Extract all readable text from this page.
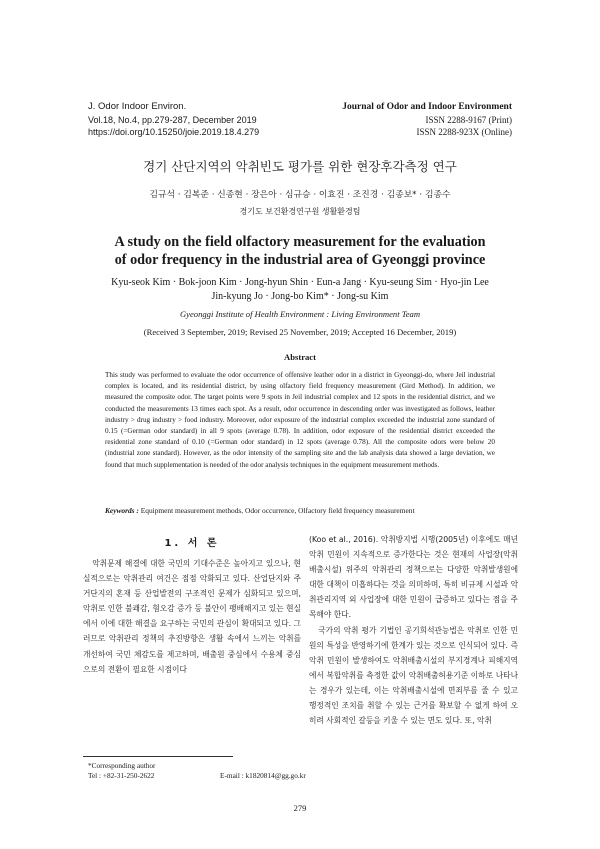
J. Odor Indoor Environ.
Vol.18, No.4, pp.279-287, December 2019
https://doi.org/10.15250/joie.2019.18.4.279
Journal of Odor and Indoor Environment
ISSN 2288-9167 (Print)
ISSN 2288-923X (Online)
경기 산단지역의 악취빈도 평가를 위한 현장후각측정 연구
김규석 · 김복준 · 신종현 · 장은아 · 심규승 · 이효진 · 조진경 · 김종보* · 김종수
경기도 보건환경연구원 생활환경팀
A study on the field olfactory measurement for the evaluation
of odor frequency in the industrial area of Gyeonggi province
Kyu-seok Kim · Bok-joon Kim · Jong-hyun Shin · Eun-a Jang · Kyu-seung Sim · Hyo-jin Lee
Jin-kyung Jo · Jong-bo Kim* · Jong-su Kim
Gyeonggi Institute of Health Environment : Living Environment Team
(Received 3 September, 2019; Revised 25 November, 2019; Accepted 16 December, 2019)
Abstract
This study was performed to evaluate the odor occurrence of offensive leather odor in a district in Gyeonggi-do, where Jeil industrial complex is located, and its residential district, by using olfactory field frequency measurement (Gird Method). In addition, we measured the composite odor. The target points were 9 spots in Jeil industrial complex and 12 spots in the residential district, and we conducted the measurements 13 times each spot. As a result, odor occurrence in descending order was investigated as follows, leather industry > drug industry > food industry. Moreover, odor exposure of the industrial complex exceeded the industrial zone standard of 0.15 (=German odor standard) in all 9 spots (average 0.78). In addition, odor exposure of the residential district exceeded the residential zone standard of 0.10 (=German odor standard) in 12 spots (average 0.78). All the composite odors were below 20 (industrial zone standard). However, as the odor intensity of the sampling site and the lab analysis data showed a large deviation, we found that much supplementation is needed of the odor analysis techniques in the equipment measurement methods.
Keywords : Equipment measurement methods, Odor occurrence, Olfactory field frequency measurement
1. 서 론

악취문제 해결에 대한 국민의 기대수준은 높아지고 있으나, 현실적으로는 악취관리 여건은 점점 악화되고 있다. 산업단지와 주거단지의 혼재 등 산업발전의 구조적인 문제가 심화되고 있으며, 악취로 인한 불쾌감, 혐오감 증가 등 불안이 팽배해지고 있는 현실에서 이에 대한 해결을 요구하는 국민의 관심이 확대되고 있다. 그러므로 악취관리 정책의 추진방향은 생활 속에서 느끼는 악취를 개선하여 국민 체감도를 제고하며, 배출원 중심에서 수용체 중심으로의 전환이 필요한 시점이다

(Koo et al., 2016). 악취방지법 시행(2005년) 이후에도 매년 악취 민원이 지속적으로 증가한다는 것은 현재의 사업장(악취배출시설) 위주의 악취관리 정책으로는 다양한 악취발생원에 대한 대책이 미흡하다는 것을 의미하며, 특히 비규제 시설과 악취관리지역 외 사업장에 대한 민원이 급증하고 있다는 점을 주목해야 한다.

국가의 악취 평가 기법인 공기희석관능법은 악취로 인한 민원의 특성을 반영하기에 한계가 있는 것으로 인식되어 있다. 즉 악취 민원이 발생하여도 악취배출시설의 부지경계나 피해지역에서 복합악취를 측정한 값이 악취배출허용기준 이하로 나타나는 경우가 있는데, 이는 악취배출시설에 면죄부를 줄 수 있고 행정적인 조치를 취할 수 있는 근거를 확보할 수 없게 하여 오히려 사회적인 갈등을 키울 수 있는 면도 있다. 또, 악취

*Corresponding author
Tel : +82-31-250-2622	E-mail : k1820814@gg.go.kr
279
